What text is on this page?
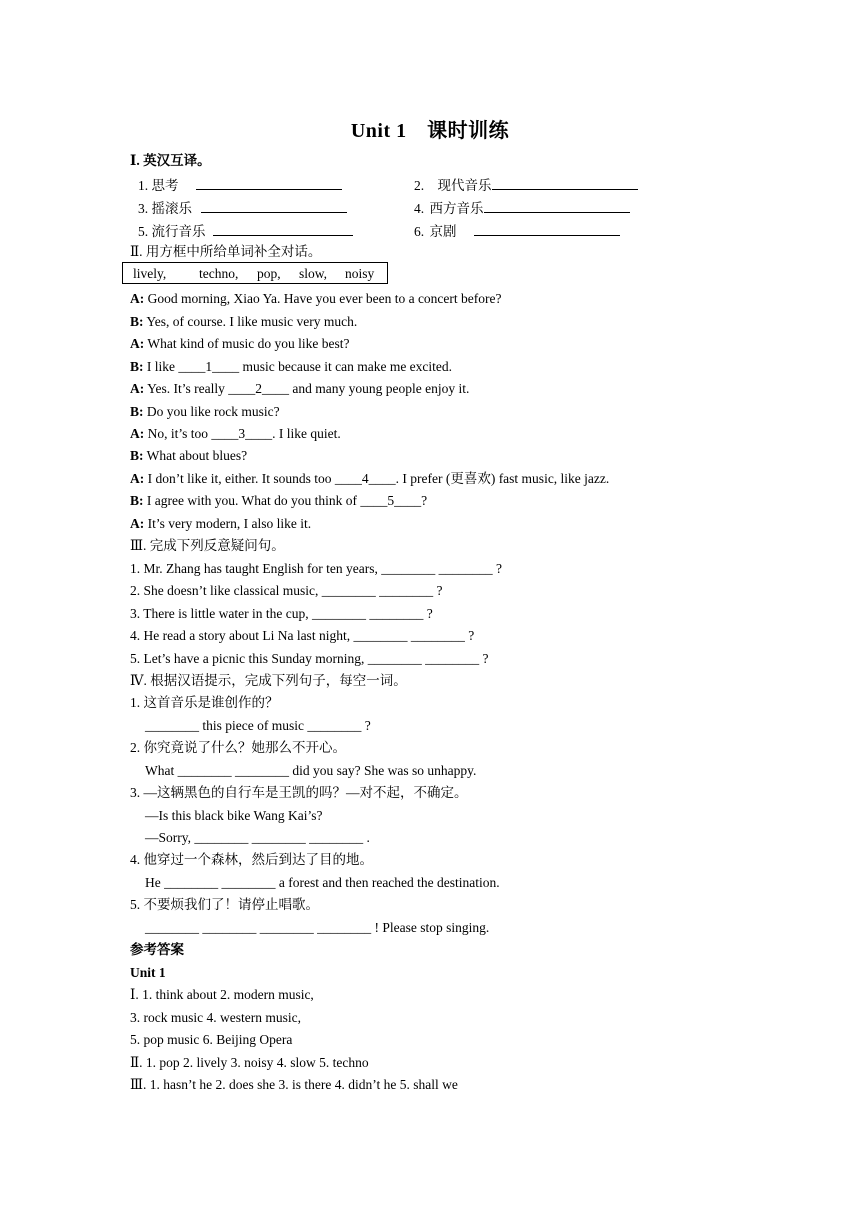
Unit 1　课时训练
Ⅰ. 英汉互译。
1. 思考	2. 现代音乐
3. 摇滚乐	4. 西方音乐
5. 流行音乐	6. 京剧
Ⅱ. 用方框中所给单词补全对话。
lively, techno, pop, slow, noisy
A: Good morning, Xiao Ya. Have you ever been to a concert before?
B: Yes, of course. I like music very much.
A: What kind of music do you like best?
B: I like ____1____ music because it can make me excited.
A: Yes. It’s really ____2____ and many young people enjoy it.
B: Do you like rock music?
A: No, it’s too ____3____. I like quiet.
B: What about blues?
A: I don’t like it, either. It sounds too ____4____. I prefer (更喜欢) fast music, like jazz.
B: I agree with you. What do you think of ____5____?
A: It’s very modern, I also like it.
Ⅲ. 完成下列反意疑问句。
1. Mr. Zhang has taught English for ten years, ________ ________ ?
2. She doesn’t like classical music, ________ ________ ?
3. There is little water in the cup, ________ ________ ?
4. He read a story about Li Na last night, ________ ________ ?
5. Let’s have a picnic this Sunday morning, ________ ________ ?
Ⅳ. 根据汉语提示，完成下列句子，每空一词。
1. 这首音乐是谁创作的？
________ this piece of music ________ ?
2. 你究竟说了什么？她那么不开心。
What ________ ________ did you say? She was so unhappy.
3. —这辆黑色的自行车是王凯的吗？—对不起，不确定。
—Is this black bike Wang Kai’s?
—Sorry, ________ ________ ________ .
4. 他穿过一个森林，然后到达了目的地。
He ________ ________ a forest and then reached the destination.
5. 不要烦我们了！请停止唱歌。
________ ________ ________ ________ ! Please stop singing.
参考答案
Unit 1
Ⅰ. 1. think about 2. modern music,
3. rock music 4. western music,
5. pop music 6. Beijing Opera
Ⅱ. 1. pop 2. lively 3. noisy 4. slow 5. techno
Ⅲ. 1. hasn’t he 2. does she 3. is there 4. didn’t he 5. shall we
